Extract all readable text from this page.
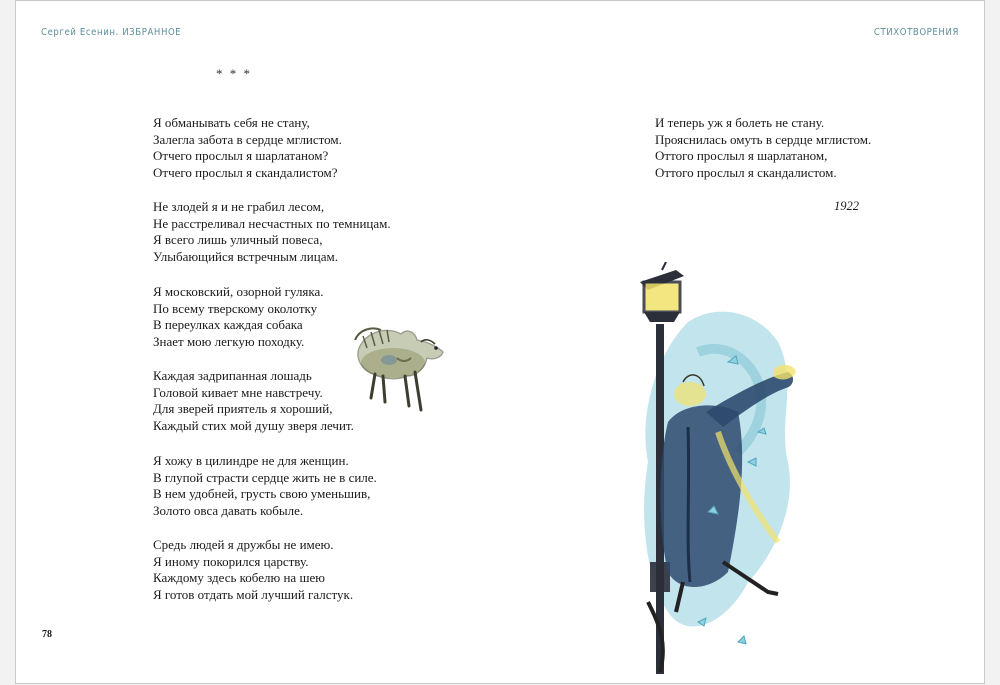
Сергей Есенин. ИЗБРАННОЕ	СТИХОТВОРЕНИЯ
* * *
Я обманывать себя не стану,
Залегла забота в сердце мглистом.
Отчего прослыл я шарлатаном?
Отчего прослыл я скандалистом?
Не злодей я и не грабил лесом,
Не расстреливал несчастных по темницам.
Я всего лишь уличный повеса,
Улыбающийся встречным лицам.
Я московский, озорной гуляка.
По всему тверскому околотку
В переулках каждая собака
Знает мою легкую походку.
Каждая задрипанная лошадь
Головой кивает мне навстречу.
Для зверей приятель я хороший,
Каждый стих мой душу зверя лечит.
Я хожу в цилиндре не для женщин.
В глупой страсти сердце жить не в силе.
В нем удобней, грусть свою уменьшив,
Золото овса давать кобыле.
Средь людей я дружбы не имею.
Я иному покорился царству.
Каждому здесь кобелю на шею
Я готов отдать мой лучший галстук.
И теперь уж я болеть не стану.
Прояснилась омуть в сердце мглистом.
Оттого прослыл я шарлатаном,
Оттого прослыл я скандалистом.
1922
78
